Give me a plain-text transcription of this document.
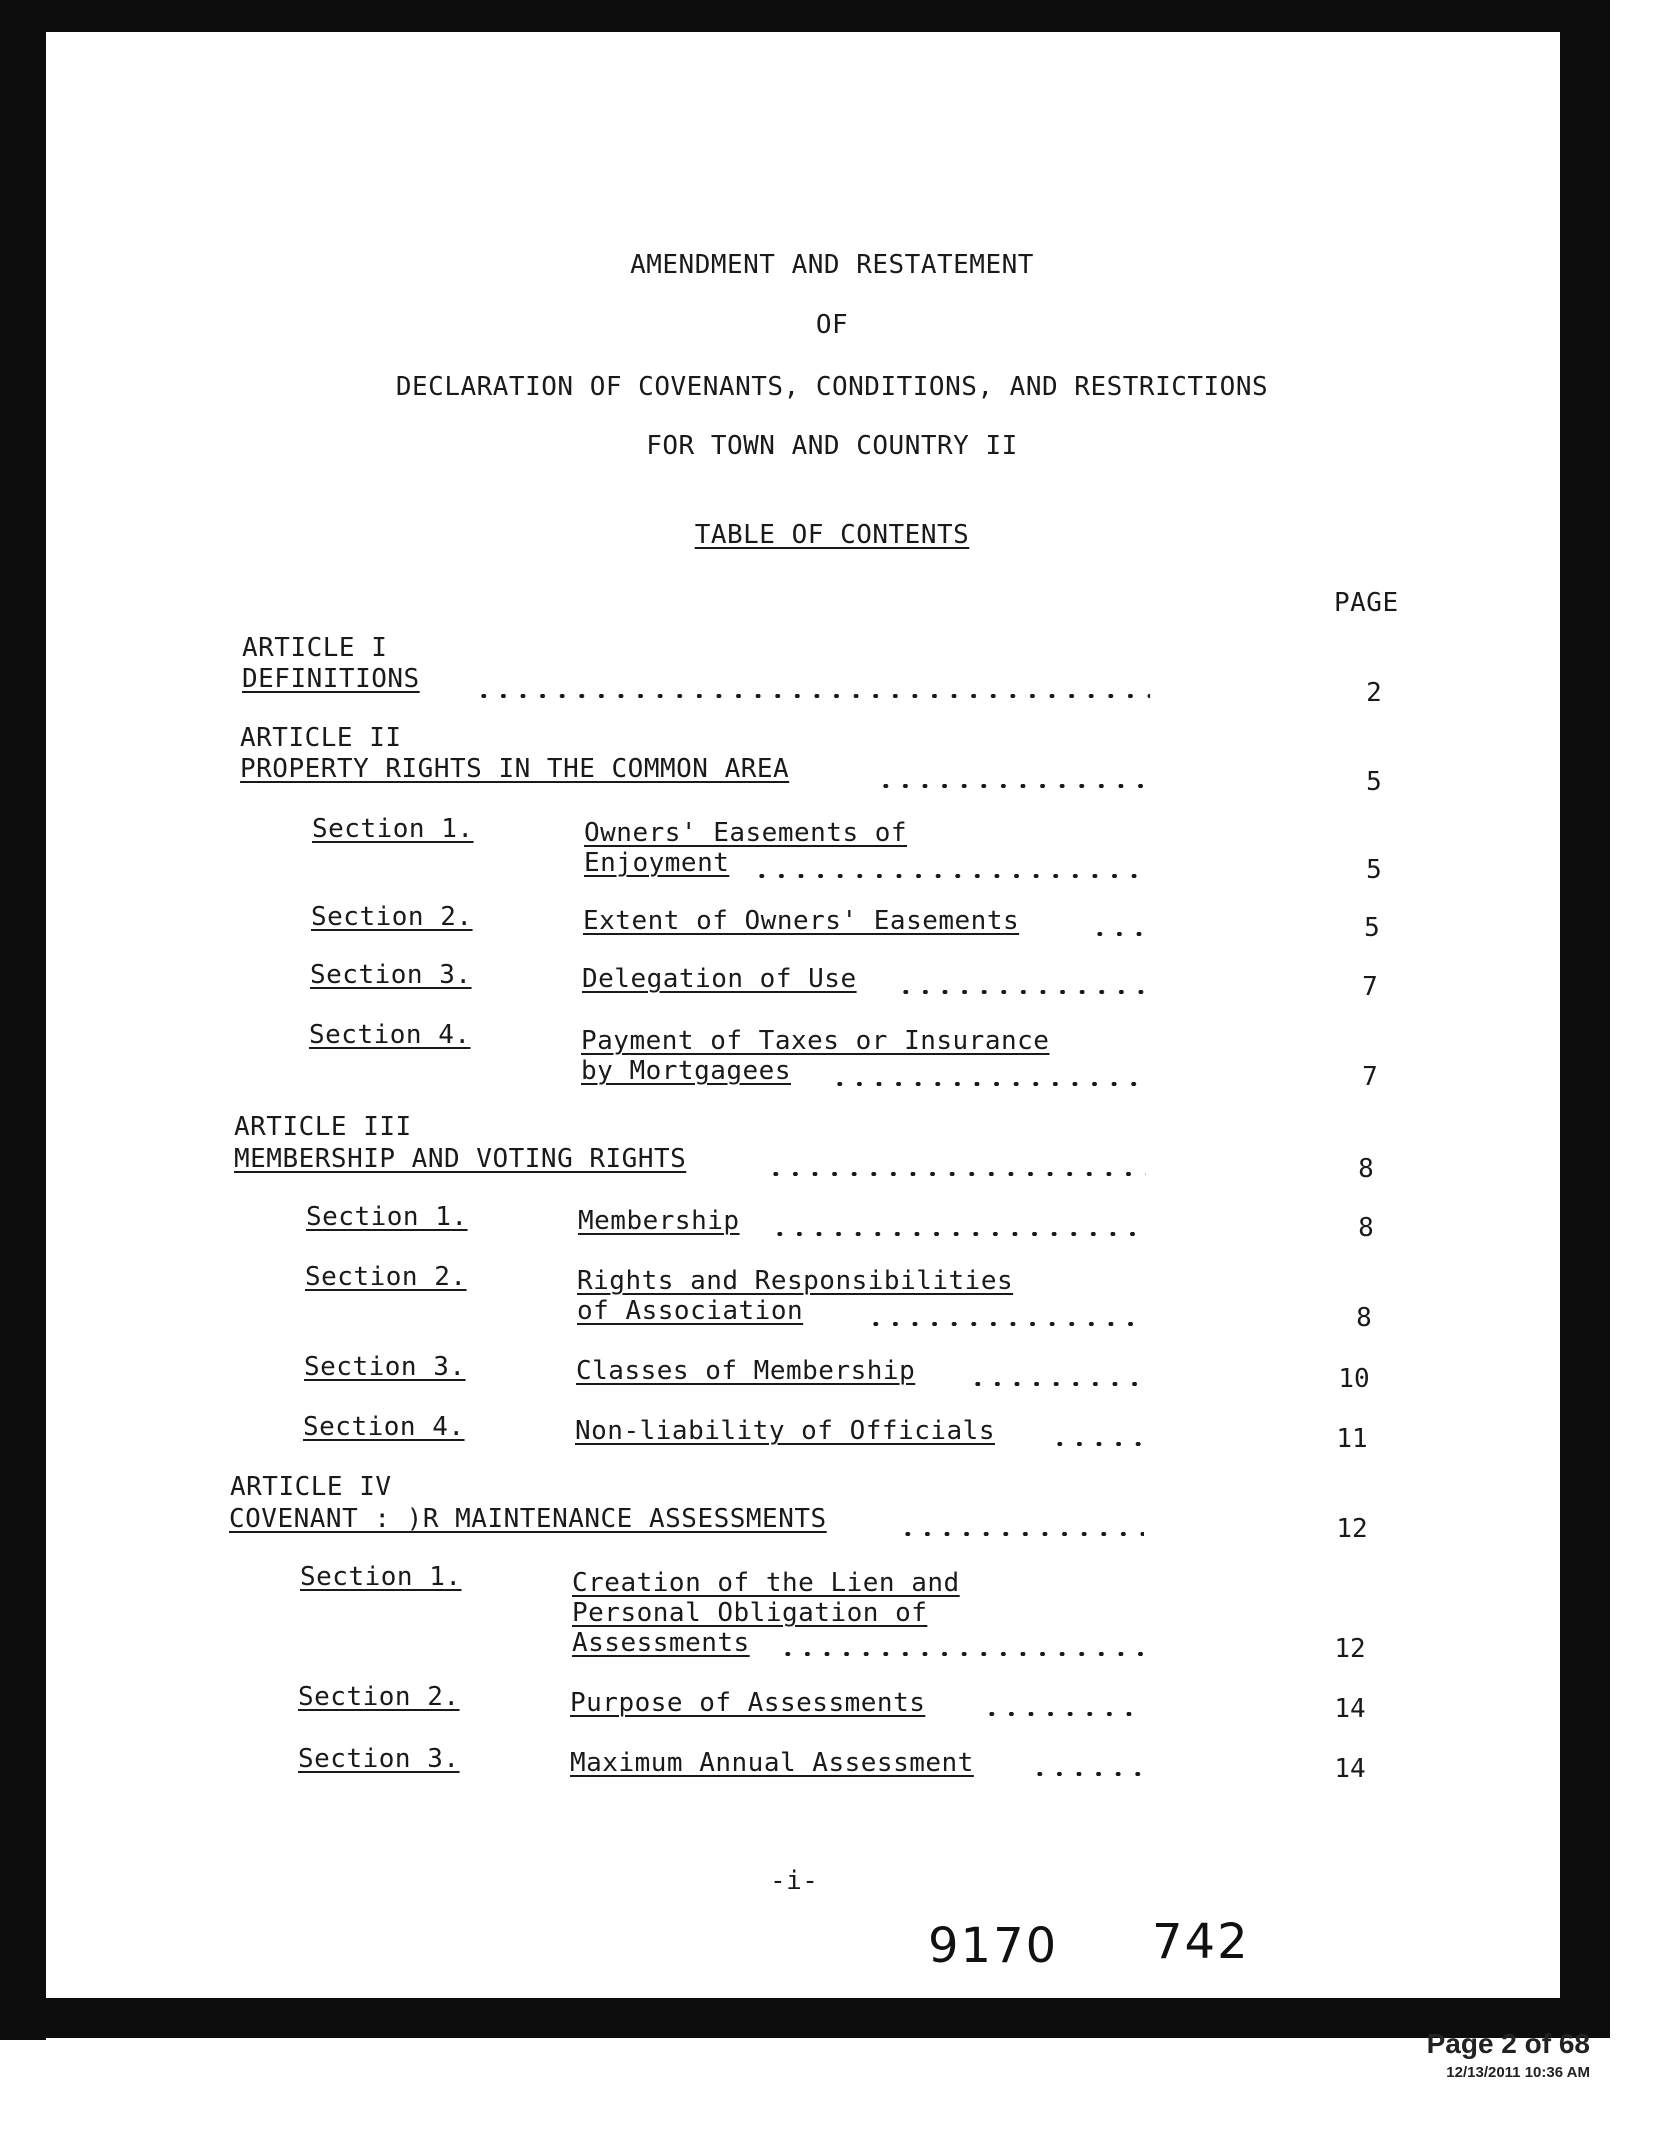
AMENDMENT AND RESTATEMENT
OF
DECLARATION OF COVENANTS, CONDITIONS, AND RESTRICTIONS
FOR TOWN AND COUNTRY II
TABLE OF CONTENTS
PAGE
ARTICLE I
DEFINITIONS	2
ARTICLE II
PROPERTY RIGHTS IN THE COMMON AREA	5
Section 1.	Owners' Easements of
Enjoyment	5
Section 2.	Extent of Owners' Easements	5
Section 3.	Delegation of Use	7
Section 4.	Payment of Taxes or Insurance
by Mortgagees	7
ARTICLE III
MEMBERSHIP AND VOTING RIGHTS	8
Section 1.	Membership	8
Section 2.	Rights and Responsibilities
of Association	8
Section 3.	Classes of Membership	10
Section 4.	Non-liability of Officials	11
ARTICLE IV
COVENANT : )R MAINTENANCE ASSESSMENTS	12
Section 1.	Creation of the Lien and
Personal Obligation of
Assessments	12
Section 2.	Purpose of Assessments	14
Section 3.	Maximum Annual Assessment	14
-i-
9170 742
Page 2 of 68
12/13/2011 10:36 AM
